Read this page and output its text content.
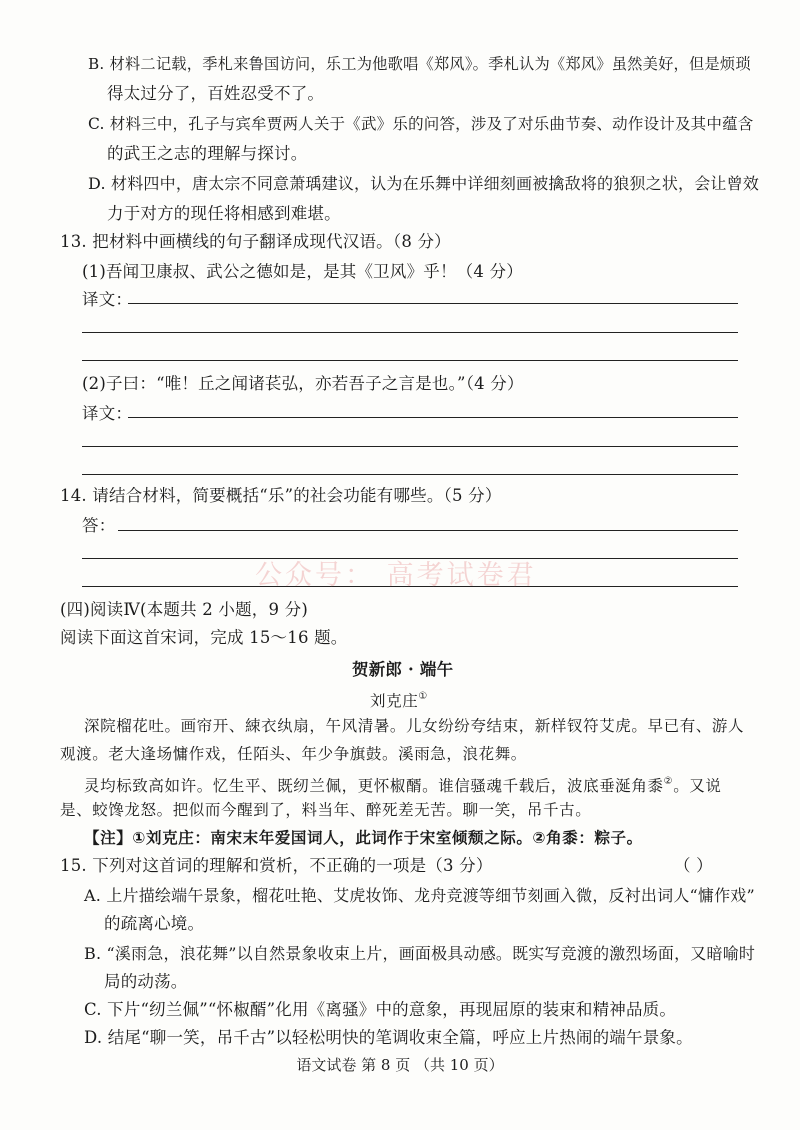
B. 材料二记载，季札来鲁国访问，乐工为他歌唱《郑风》。季札认为《郑风》虽然美好，但是烦琐
得太过分了，百姓忍受不了。
C. 材料三中，孔子与宾牟贾两人关于《武》乐的问答，涉及了对乐曲节奏、动作设计及其中蕴含
的武王之志的理解与探讨。
D. 材料四中，唐太宗不同意萧瑀建议，认为在乐舞中详细刻画被擒敌将的狼狈之状，会让曾效
力于对方的现任将相感到难堪。
13. 把材料中画横线的句子翻译成现代汉语。（8 分）
(1)吾闻卫康叔、武公之德如是，是其《卫风》乎！（4 分）
译文：
(2)子曰：“唯！丘之闻诸苌弘，亦若吾子之言是也。”（4 分）
译文：
14. 请结合材料，简要概括“乐”的社会功能有哪些。（5 分）
答：
公众号： 高考试卷君
(四)阅读Ⅳ(本题共 2 小题，9 分)
阅读下面这首宋词，完成 15～16 题。
贺新郎 · 端午
刘克庄①
深院榴花吐。画帘开、綀衣纨扇，午风清暑。儿女纷纷夸结束，新样钗符艾虎。早已有、游人
观渡。老大逢场慵作戏，任陌头、年少争旗鼓。溪雨急，浪花舞。
灵均标致高如许。忆生平、既纫兰佩，更怀椒醑。谁信骚魂千载后，波底垂涎角黍②。又说
是、蛟馋龙怒。把似而今醒到了，料当年、醉死差无苦。聊一笑，吊千古。
【注】①刘克庄：南宋末年爱国词人，此词作于宋室倾颓之际。②角黍：粽子。
15. 下列对这首词的理解和赏析，不正确的一项是（3 分）	（ ）
A. 上片描绘端午景象，榴花吐艳、艾虎妆饰、龙舟竞渡等细节刻画入微，反衬出词人“慵作戏”
的疏离心境。
B. “溪雨急，浪花舞”以自然景象收束上片，画面极具动感。既实写竞渡的激烈场面，又暗喻时
局的动荡。
C. 下片“纫兰佩”“怀椒醑”化用《离骚》中的意象，再现屈原的装束和精神品质。
D. 结尾“聊一笑，吊千古”以轻松明快的笔调收束全篇，呼应上片热闹的端午景象。
语文试卷 第 8 页 （共 10 页）
